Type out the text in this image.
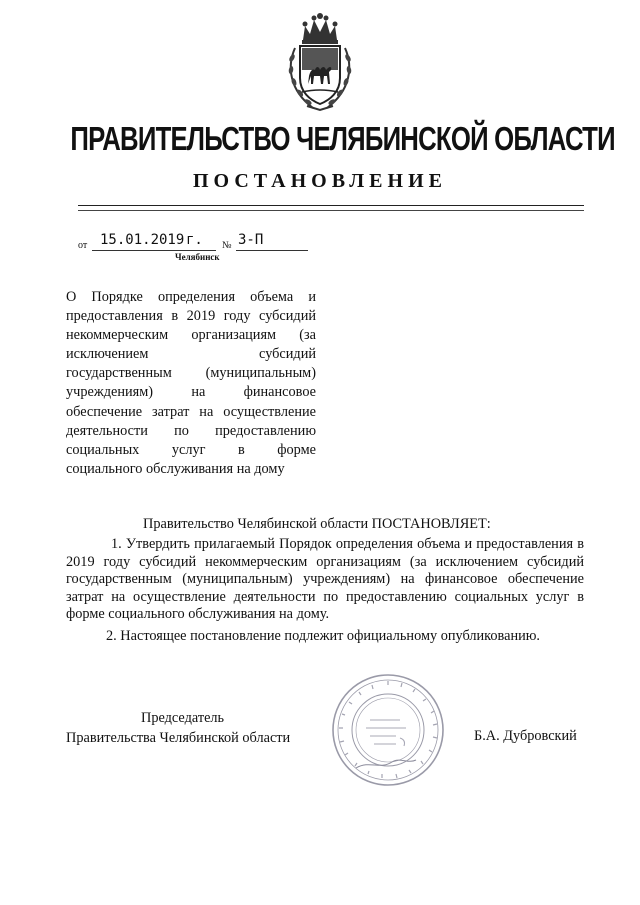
ПРАВИТЕЛЬСТВО ЧЕЛЯБИНСКОЙ ОБЛАСТИ
ПОСТАНОВЛЕНИЕ
от 15.01.2019 г. № 3-П
Челябинск
О Порядке определения объема и
предоставления в 2019 году субсидий
некоммерческим организациям (за
исключением субсидий
государственным (муниципальным)
учреждениям) на финансовое
обеспечение затрат на осуществление
деятельности по предоставлению
социальных услуг в форме
социального обслуживания на дому
Правительство Челябинской области ПОСТАНОВЛЯЕТ:

1. Утвердить прилагаемый Порядок определения объема и предоставления в 2019 году субсидий некоммерческим организациям (за исключением субсидий государственным (муниципальным) учреждениям) на финансовое обеспечение затрат на осуществление деятельности по предоставлению социальных услуг в форме социального обслуживания на дому.

2. Настоящее постановление подлежит официальному опубликованию.

Председатель
Правительства Челябинской области	Б.А. Дубровский
